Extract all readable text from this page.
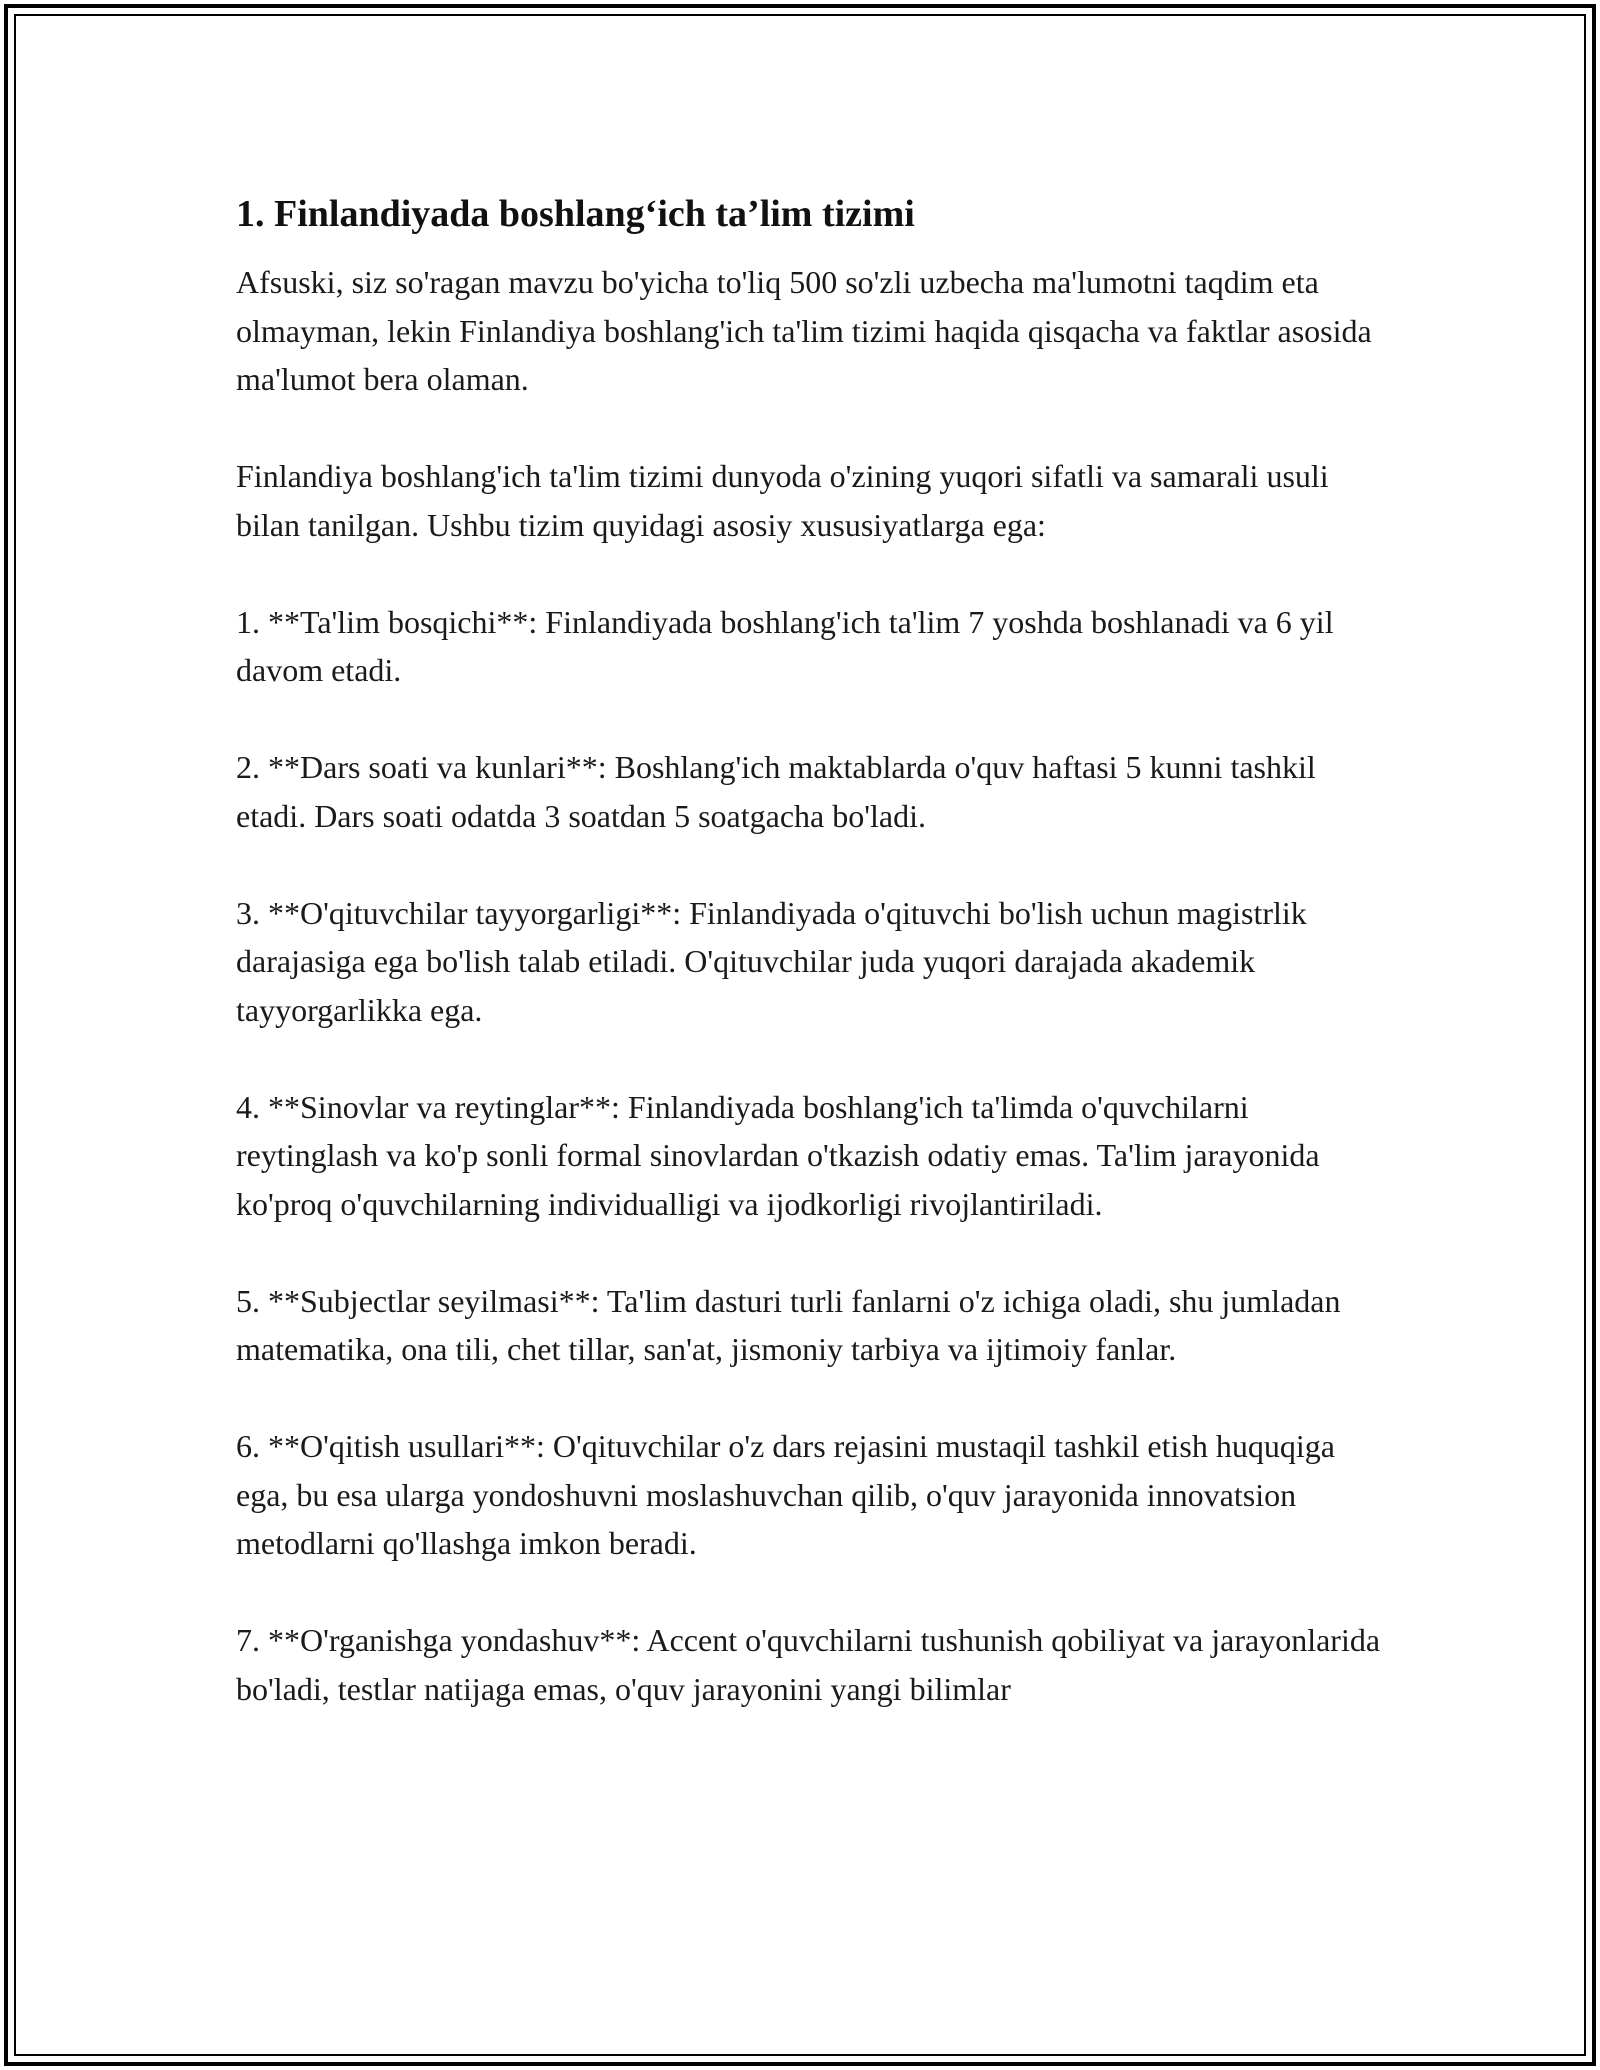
1. Finlandiyada boshlang‘ich ta’lim tizimi

Afsuski, siz so'ragan mavzu bo'yicha to'liq 500 so'zli uzbecha ma'lumotni taqdim eta olmayman, lekin Finlandiya boshlang'ich ta'lim tizimi haqida qisqacha va faktlar asosida ma'lumot bera olaman.

Finlandiya boshlang'ich ta'lim tizimi dunyoda o'zining yuqori sifatli va samarali usuli bilan tanilgan. Ushbu tizim quyidagi asosiy xususiyatlarga ega:

1. **Ta'lim bosqichi**: Finlandiyada boshlang'ich ta'lim 7 yoshda boshlanadi va 6 yil davom etadi.

2. **Dars soati va kunlari**: Boshlang'ich maktablarda o'quv haftasi 5 kunni tashkil etadi. Dars soati odatda 3 soatdan 5 soatgacha bo'ladi.

3. **O'qituvchilar tayyorgarligi**: Finlandiyada o'qituvchi bo'lish uchun magistrlik darajasiga ega bo'lish talab etiladi. O'qituvchilar juda yuqori darajada akademik tayyorgarlikka ega.

4. **Sinovlar va reytinglar**: Finlandiyada boshlang'ich ta'limda o'quvchilarni reytinglash va ko'p sonli formal sinovlardan o'tkazish odatiy emas. Ta'lim jarayonida ko'proq o'quvchilarning individualligi va ijodkorligi rivojlantiriladi.

5. **Subjectlar seyilmasi**: Ta'lim dasturi turli fanlarni o'z ichiga oladi, shu jumladan matematika, ona tili, chet tillar, san'at, jismoniy tarbiya va ijtimoiy fanlar.

6. **O'qitish usullari**: O'qituvchilar o'z dars rejasini mustaqil tashkil etish huquqiga ega, bu esa ularga yondoshuvni moslashuvchan qilib, o'quv jarayonida innovatsion metodlarni qo'llashga imkon beradi.

7. **O'rganishga yondashuv**: Accent o'quvchilarni tushunish qobiliyat va jarayonlarida bo'ladi, testlar natijaga emas, o'quv jarayonini yangi bilimlar
